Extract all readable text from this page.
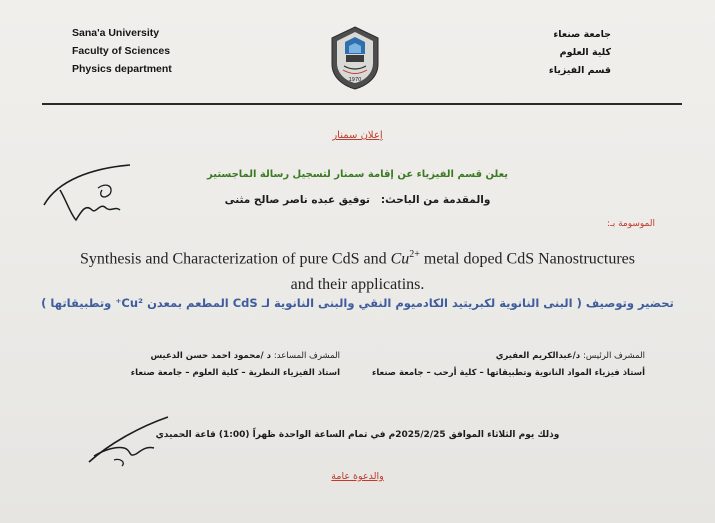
Sana'a University
Faculty of Sciences
Physics department
1970
جامعة صنعاء
كلية العلوم
قسم الفيزياء
إعلان سمنار
يعلن قسم الفيزياء عن إقامة سمنار لتسجيل رسالة الماجستير
والمقدمة من الباحث:   توفيق عبده ناصر صالح مثنى
الموسومة بـ:
Synthesis and Characterization of pure CdS and $Cu^{2+}$ metal doped CdS Nanostructures
and their applicatins.
تحضير وتوصيف ( البنى النانوية لكبريتيد الكادميوم النقي والبنى النانوية لـ CdS المطعم بمعدن Cu²⁺ وتطبيقاتها )
المشرف الرئيس: د/عبدالكريم العفيري
أستاذ فيزياء المواد النانوية وتطبيقاتها – كلية أرحب – جامعة صنعاء
المشرف المساعد: د /محمود احمد حسن الدعيس
استاذ الفيزياء النظرية – كلية العلوم – جامعة صنعاء
وذلك يوم الثلاثاء الموافق 2025/2/25م في تمام الساعة الواحدة ظهراً (1:00) قاعة الحميدي
والدعوة عامة
